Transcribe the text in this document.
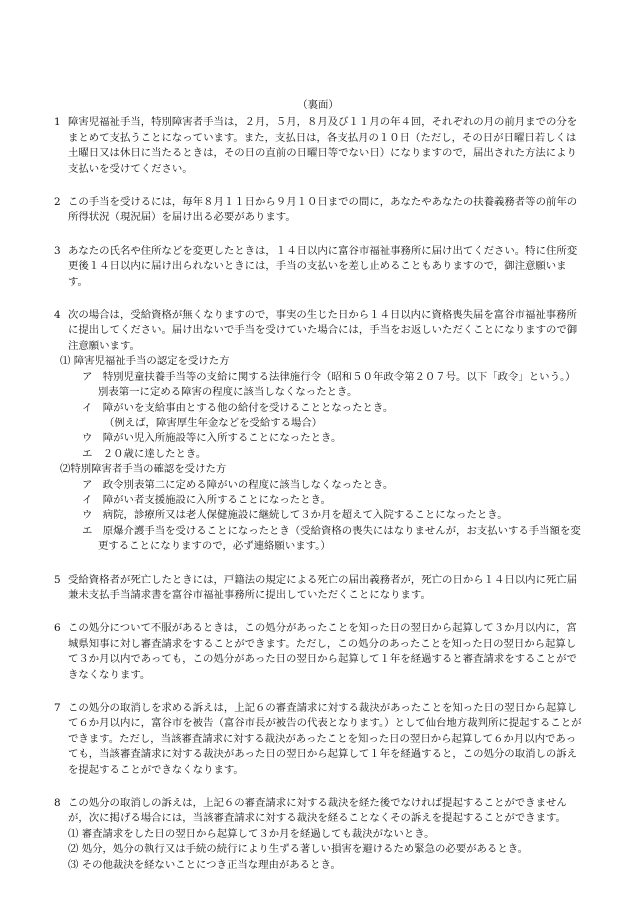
（裏面）
1 障害児福祉手当，特別障害者手当は，２月，５月，８月及び１１月の年４回，それぞれの月の前月までの分をまとめて支払うことになっています。また，支払日は，各支払月の１０日（ただし，その日が日曜日若しくは土曜日又は休日に当たるときは，その日の直前の日曜日等でない日）になりますので，届出された方法により支払いを受けてください。
2 この手当を受けるには，毎年８月１１日から９月１０日までの間に，あなたやあなたの扶養義務者等の前年の所得状況（現況届）を届け出る必要があります。
3 あなたの氏名や住所などを変更したときは，１４日以内に富谷市福祉事務所に届け出てください。特に住所変更後１４日以内に届け出られないときには，手当の支払いを差し止めることもありますので，御注意願います。
4 次の場合は，受給資格が無くなりますので，事実の生じた日から１４日以内に資格喪失届を富谷市福祉事務所に提出してください。届け出ないで手当を受けていた場合には，手当をお返しいただくことになりますので御注意願います。
⑴ 障害児福祉手当の認定を受けた方
ア　特別児童扶養手当等の支給に関する法律施行令（昭和５０年政令第２０７号。以下「政令」という。）別表第一に定める障害の程度に該当しなくなったとき。
イ　障がいを支給事由とする他の給付を受けることとなったとき。
（例えば，障害厚生年金などを受給する場合）
ウ　障がい児入所施設等に入所することになったとき。
エ　２０歳に達したとき。
⑵特別障害者手当の確認を受けた方
ア　政令別表第二に定める障がいの程度に該当しなくなったとき。
イ　障がい者支援施設に入所することになったとき。
ウ　病院，診療所又は老人保健施設に継続して３か月を超えて入院することになったとき。
エ　原爆介護手当を受けることになったとき（受給資格の喪失にはなりませんが，お支払いする手当額を変更することになりますので，必ず連絡願います。）
5 受給資格者が死亡したときには，戸籍法の規定による死亡の届出義務者が，死亡の日から１４日以内に死亡届兼未支払手当請求書を富谷市福祉事務所に提出していただくことになります。
6 この処分について不服があるときは，この処分があったことを知った日の翌日から起算して３か月以内に，宮城県知事に対し審査請求をすることができます。ただし，この処分のあったことを知った日の翌日から起算して３か月以内であっても，この処分があった日の翌日から起算して１年を経過すると審査請求をすることができなくなります。
7 この処分の取消しを求める訴えは，上記６の審査請求に対する裁決があったことを知った日の翌日から起算して６か月以内に，富谷市を被告（富谷市長が被告の代表となります。）として仙台地方裁判所に提起することができます。ただし，当該審査請求に対する裁決があったことを知った日の翌日から起算して６か月以内であっても，当該審査請求に対する裁決があった日の翌日から起算して１年を経過すると，この処分の取消しの訴えを提起することができなくなります。
8 この処分の取消しの訴えは，上記６の審査請求に対する裁決を経た後でなければ提起することができませんが，次に掲げる場合には，当該審査請求に対する裁決を経ることなくその訴えを提起することができます。
⑴ 審査請求をした日の翌日から起算して３か月を経過しても裁決がないとき。
⑵ 処分，処分の執行又は手続の続行により生ずる著しい損害を避けるため緊急の必要があるとき。
⑶ その他裁決を経ないことにつき正当な理由があるとき。
